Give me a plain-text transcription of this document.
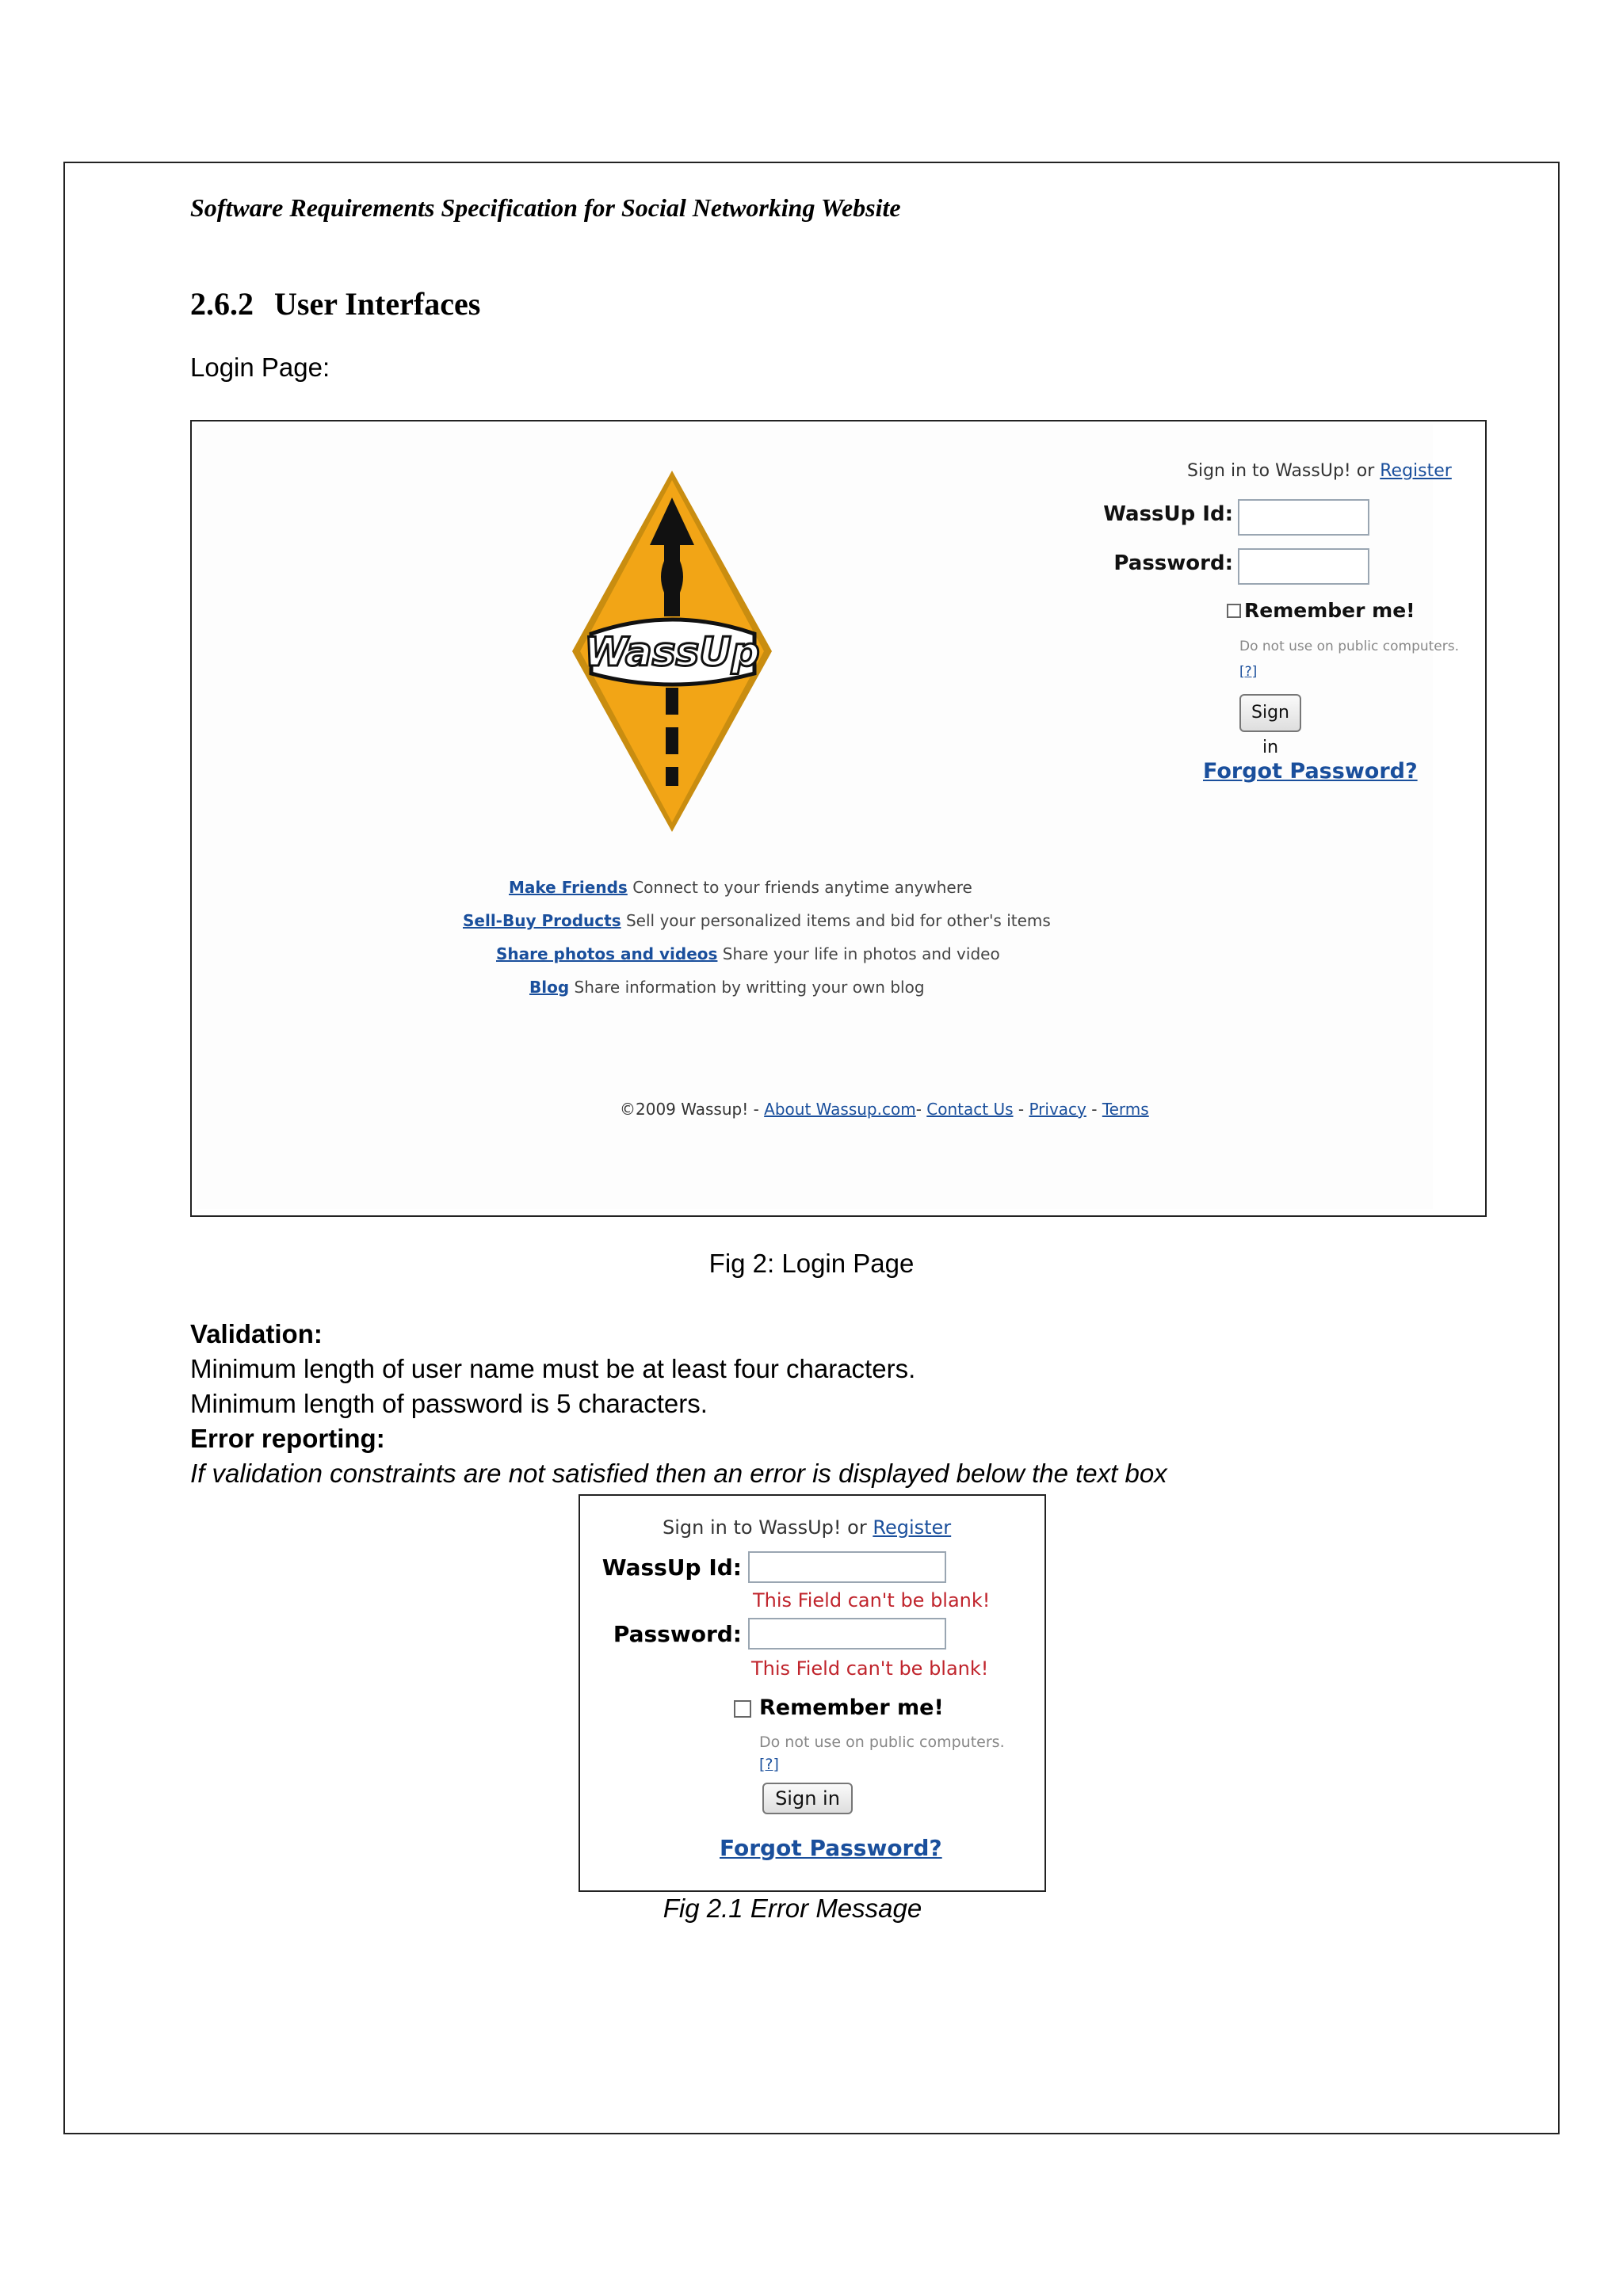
Software Requirements Specification for Social Networking Website
2.6.2 User Interfaces
Login Page:
WassUp
Sign in to WassUp! or Register
WassUp Id:
Password:
Remember me!
Do not use on public computers.
[?]
Sign in
Forgot Password?
Make Friends Connect to your friends anytime anywhere
Sell-Buy Products Sell your personalized items and bid for other's items
Share photos and videos Share your life in photos and video
Blog Share information by writting your own blog
©2009 Wassup! - About Wassup.com- Contact Us - Privacy - Terms
Fig 2: Login Page
Validation:
Minimum length of user name must be at least four characters.
Minimum length of password is 5 characters.
Error reporting:
If validation constraints are not satisfied then an error is displayed below the text box
Sign in to WassUp! or Register
WassUp Id:
This Field can't be blank!
Password:
This Field can't be blank!
Remember me!
Do not use on public computers.
[?]
Sign in
Forgot Password?
Fig 2.1 Error Message
